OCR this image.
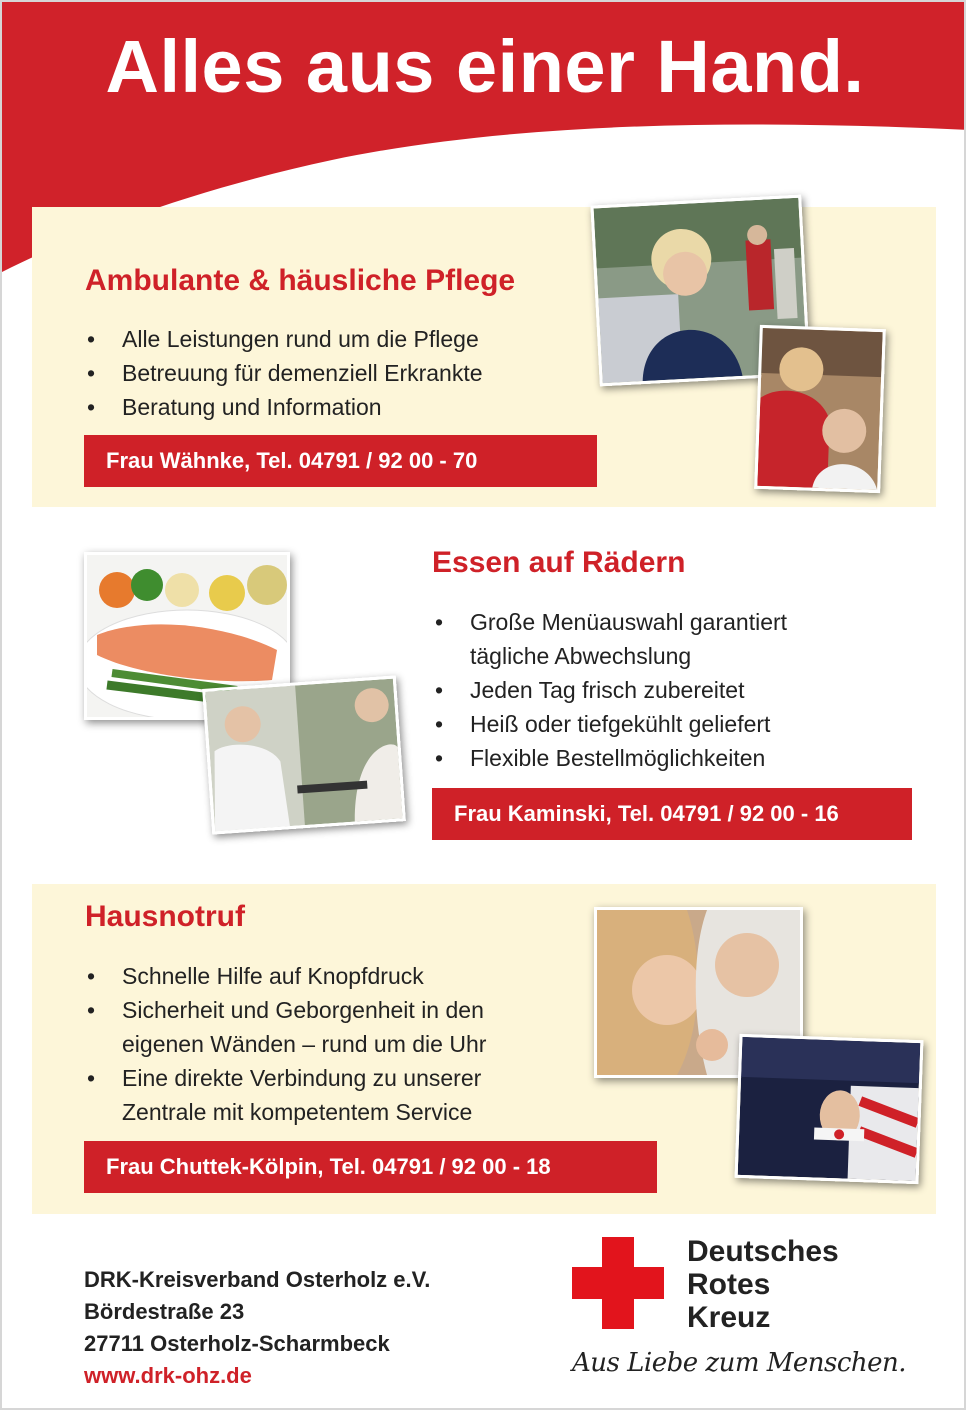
Alles aus einer Hand.
Ambulante & häusliche Pflege
• Alle Leistungen rund um die Pflege
• Betreuung für demenziell Erkrankte
• Beratung und Information
Frau Wähnke, Tel. 04791 / 92 00 - 70
Essen auf Rädern
• Große Menüauswahl garantiert
tägliche Abwechslung
• Jeden Tag frisch zubereitet
• Heiß oder tiefgekühlt geliefert
• Flexible Bestellmöglichkeiten
Frau Kaminski, Tel. 04791 / 92 00 - 16
Hausnotruf
• Schnelle Hilfe auf Knopfdruck
• Sicherheit und Geborgenheit in den
eigenen Wänden – rund um die Uhr
• Eine direkte Verbindung zu unserer
Zentrale mit kompetentem Service
Frau Chuttek-Kölpin, Tel. 04791 / 92 00 - 18
DRK-Kreisverband Osterholz e.V.
Bördestraße 23
27711 Osterholz-Scharmbeck
www.drk-ohz.de
Deutsches
Rotes
Kreuz
Aus Liebe zum Menschen.
